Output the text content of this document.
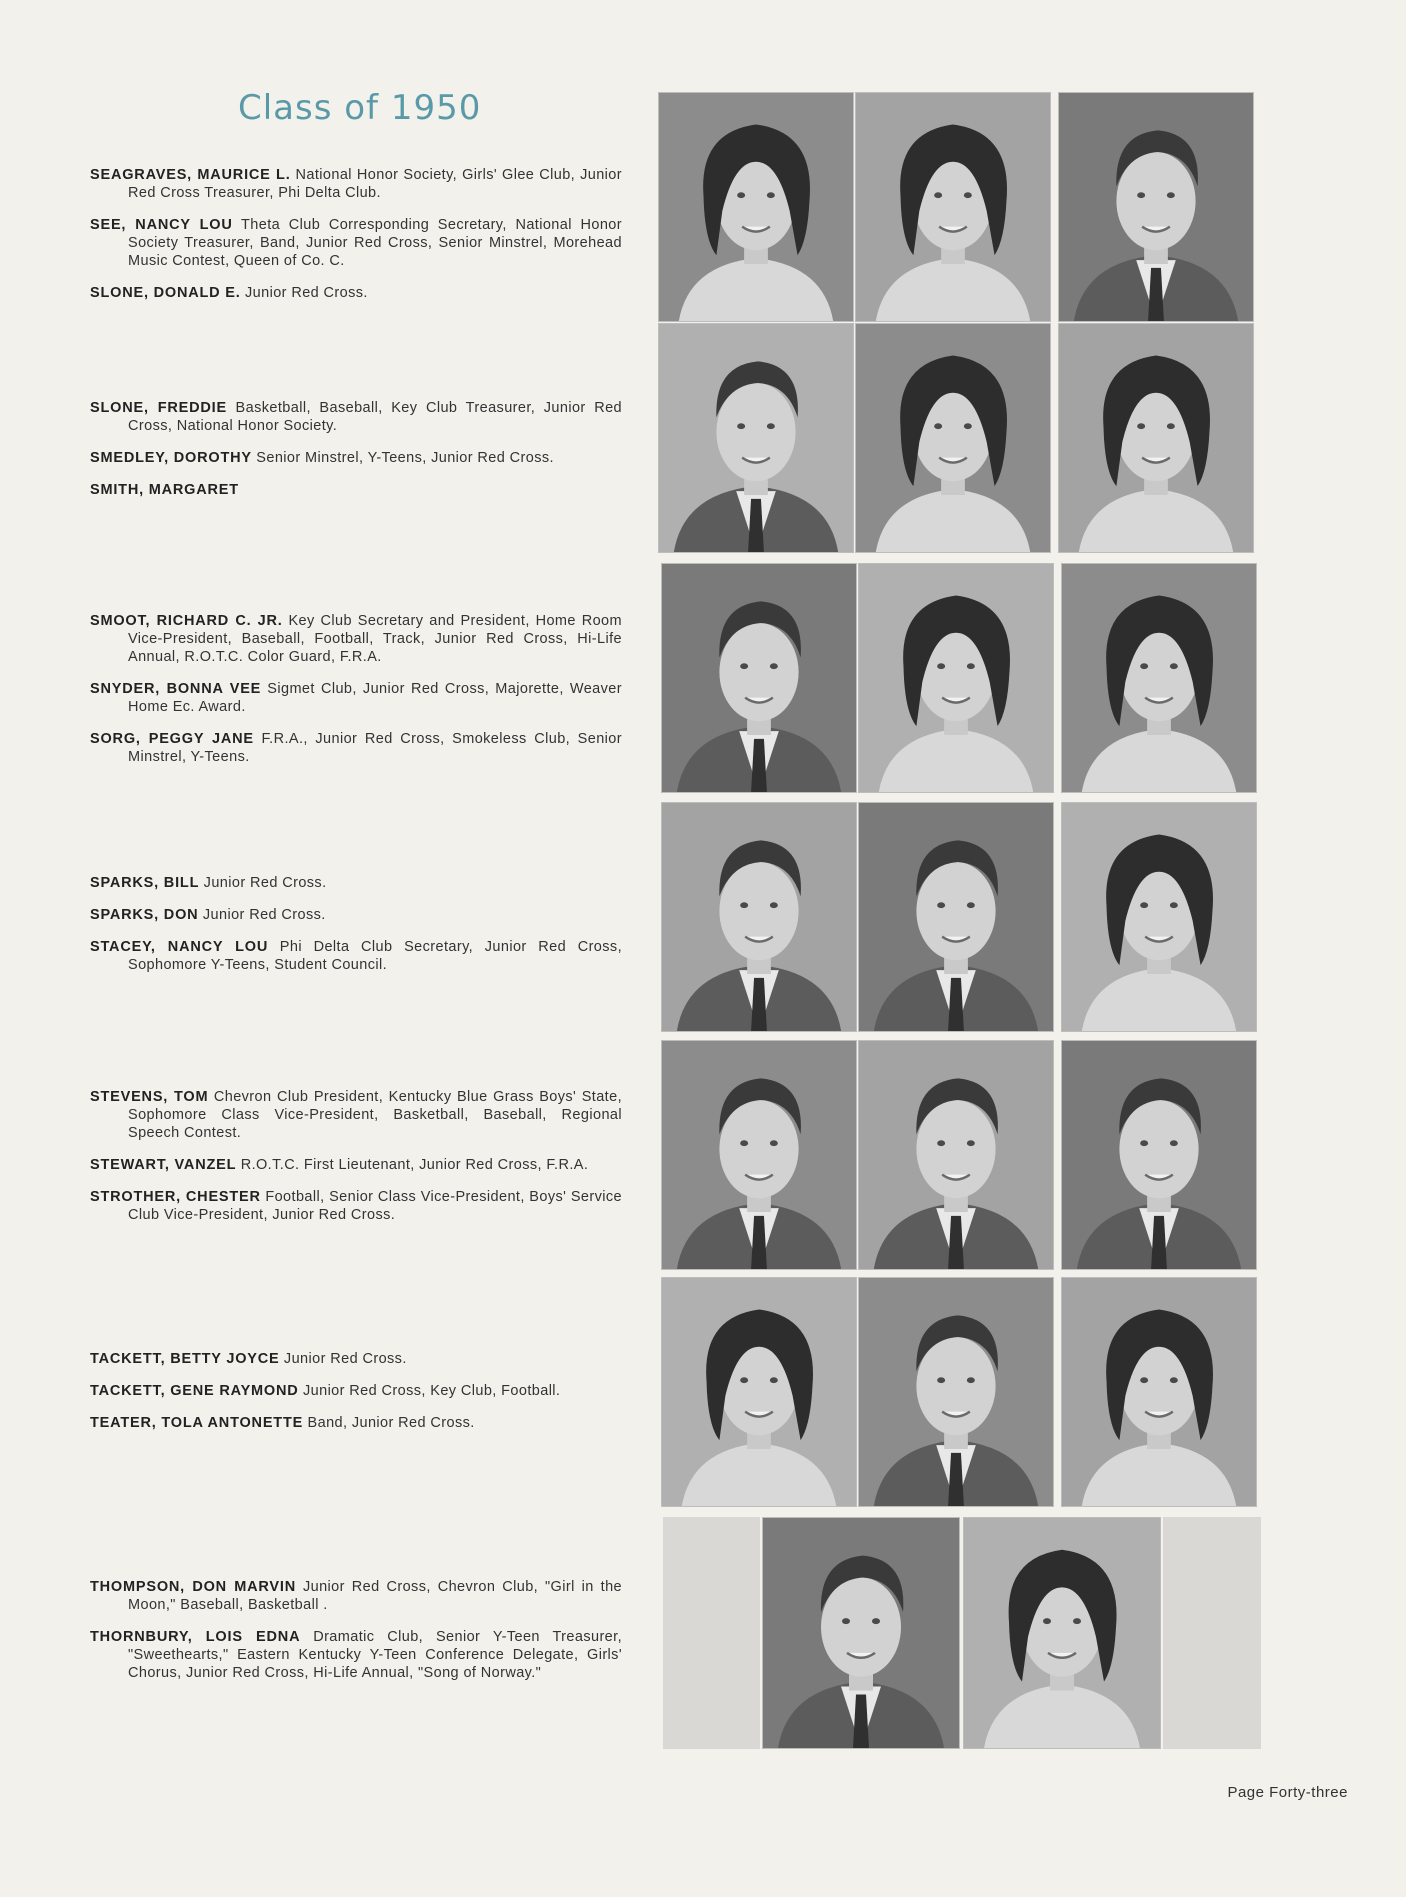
Class of 1950
SEAGRAVES, MAURICE L. National Honor Society, Girls' Glee Club, Junior Red Cross Treasurer, Phi Delta Club.
SEE, NANCY LOU Theta Club Corresponding Secretary, National Honor Society Treasurer, Band, Junior Red Cross, Senior Minstrel, Morehead Music Contest, Queen of Co. C.
SLONE, DONALD E. Junior Red Cross.
SLONE, FREDDIE Basketball, Baseball, Key Club Treasurer, Junior Red Cross, National Honor Society.
SMEDLEY, DOROTHY Senior Minstrel, Y-Teens, Junior Red Cross.
SMITH, MARGARET
SMOOT, RICHARD C. JR. Key Club Secretary and President, Home Room Vice-President, Baseball, Football, Track, Junior Red Cross, Hi-Life Annual, R.O.T.C. Color Guard, F.R.A.
SNYDER, BONNA VEE Sigmet Club, Junior Red Cross, Majorette, Weaver Home Ec. Award.
SORG, PEGGY JANE F.R.A., Junior Red Cross, Smokeless Club, Senior Minstrel, Y-Teens.
SPARKS, BILL Junior Red Cross.
SPARKS, DON Junior Red Cross.
STACEY, NANCY LOU Phi Delta Club Secretary, Junior Red Cross, Sophomore Y-Teens, Student Council.
STEVENS, TOM Chevron Club President, Kentucky Blue Grass Boys' State, Sophomore Class Vice-President, Basketball, Baseball, Regional Speech Contest.
STEWART, VANZEL R.O.T.C. First Lieutenant, Junior Red Cross, F.R.A.
STROTHER, CHESTER Football, Senior Class Vice-President, Boys' Service Club Vice-President, Junior Red Cross.
TACKETT, BETTY JOYCE Junior Red Cross.
TACKETT, GENE RAYMOND Junior Red Cross, Key Club, Football.
TEATER, TOLA ANTONETTE Band, Junior Red Cross.
THOMPSON, DON MARVIN Junior Red Cross, Chevron Club, "Girl in the Moon," Baseball, Basketball .
THORNBURY, LOIS EDNA Dramatic Club, Senior Y-Teen Treasurer, "Sweethearts," Eastern Kentucky Y-Teen Conference Delegate, Girls' Chorus, Junior Red Cross, Hi-Life Annual, "Song of Norway."
Page Forty-three
